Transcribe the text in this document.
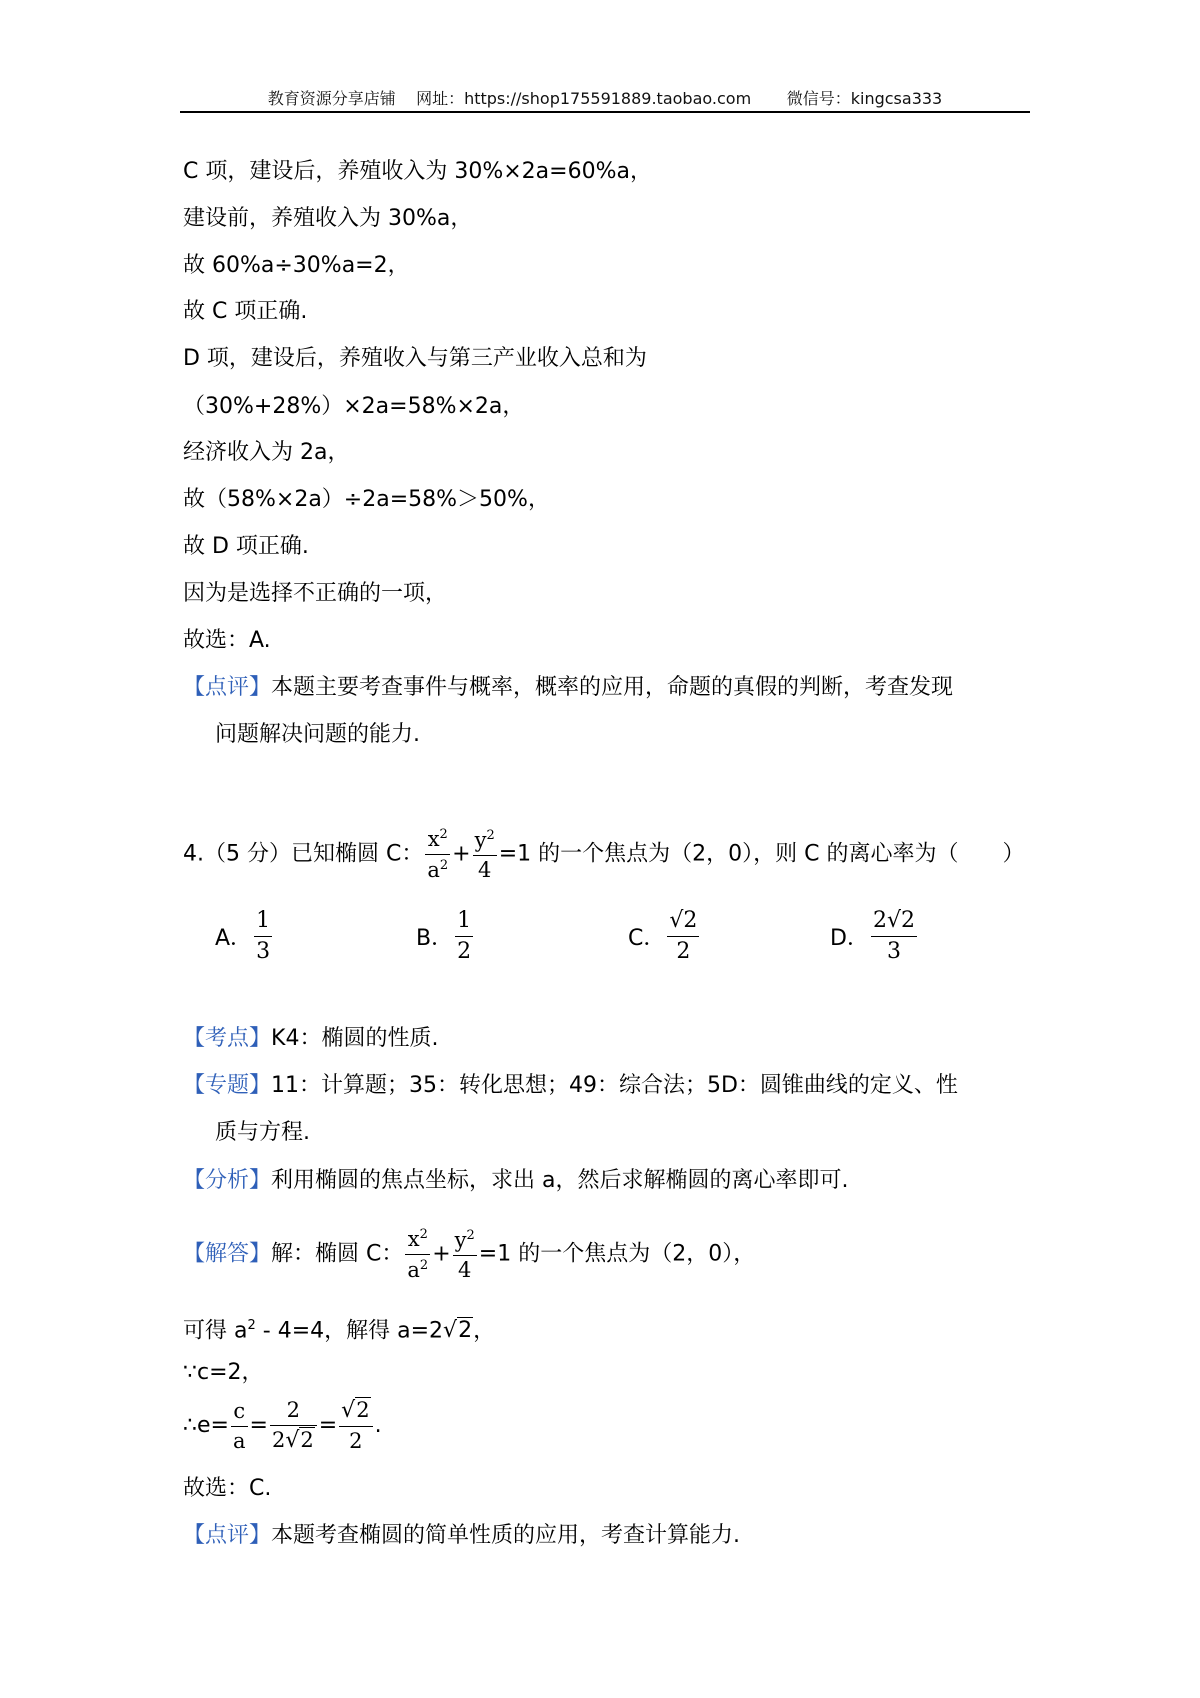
教育资源分享店铺    网址：https://shop175591889.taobao.com       微信号：kingcsa333
C 项，建设后，养殖收入为 30%×2a=60%a，
建设前，养殖收入为 30%a，
故 60%a÷30%a=2，
故 C 项正确.
D 项，建设后，养殖收入与第三产业收入总和为
（30%+28%）×2a=58%×2a，
经济收入为 2a，
故（58%×2a）÷2a=58%＞50%，
故 D 项正确.
因为是选择不正确的一项，
故选：A.
【点评】本题主要考查事件与概率，概率的应用，命题的真假的判断，考查发现
问题解决问题的能力.
4.（5 分）已知椭圆 C： $\frac{x^2}{a^2} + \frac{y^2}{4} =1$ 的一个焦点为（2，0），则 C 的离心率为（　　）
A． $\frac{1}{3}$	B． $\frac{1}{2}$	C． $\frac{√2}{2}$	D． $\frac{2√2}{3}$
【考点】K4：椭圆的性质.
【专题】11：计算题；35：转化思想；49：综合法；5D：圆锥曲线的定义、性
质与方程.
【分析】利用椭圆的焦点坐标，求出 a，然后求解椭圆的离心率即可.
【解答】解：椭圆 C： $\frac{x^2}{a^2} + \frac{y^2}{4} =1$ 的一个焦点为（2，0），
可得 $a^2 - 4=4$，解得 a=2√2，
∵c=2，
∴e= $\frac{c}{a} = \frac{2}{2√2} = \frac{√2}{2}$ .
故选：C.
【点评】本题考查椭圆的简单性质的应用，考查计算能力.
